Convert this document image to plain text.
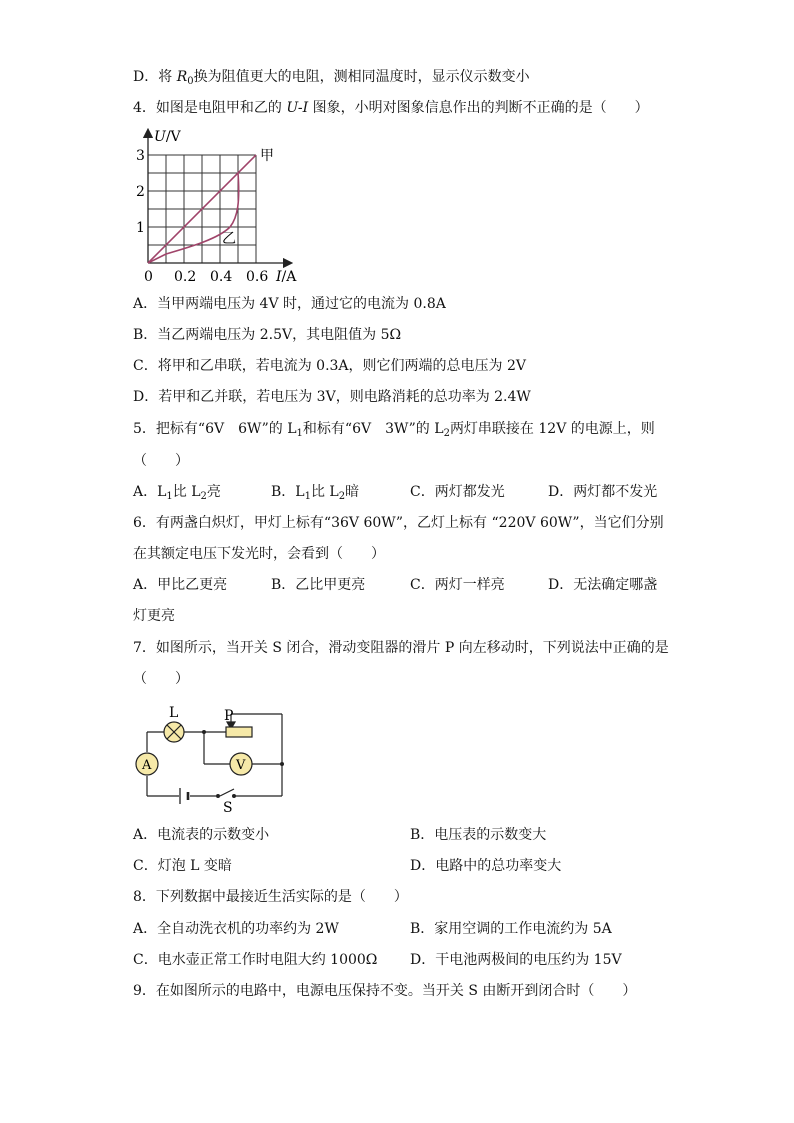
D．将 $R_0$换为阻值更大的电阻，测相同温度时，显示仪示数变小
4．如图是电阻甲和乙的 U-I 图象，小明对图象信息作出的判断不正确的是（　　）
U/V
I/A
1
2
3
0 0.2 0.4 0.6
甲
乙
A．当甲两端电压为 4V 时，通过它的电流为 0.8A
B．当乙两端电压为 2.5V，其电阻值为 5Ω
C．将甲和乙串联，若电流为 0.3A，则它们两端的总电压为 2V
D．若甲和乙并联，若电压为 3V，则电路消耗的总功率为 2.4W
5．把标有“6V　6W”的 $L_1$和标有“6V　3W”的 $L_2$两灯串联接在 12V 的电源上，则
（　　）
A．$L_1$比 $L_2$亮	B．$L_1$比 $L_2$暗	C．两灯都发光	D．两灯都不发光
6．有两盏白炽灯，甲灯上标有“36V 60W”，乙灯上标有 “220V 60W”，当它们分别
在其额定电压下发光时，会看到（　　）
A．甲比乙更亮	B．乙比甲更亮	C．两灯一样亮	D．无法确定哪盏
灯更亮
7．如图所示，当开关 S 闭合，滑动变阻器的滑片 P 向左移动时，下列说法中正确的是
（　　）
L	P
A	V
S
A．电流表的示数变小	B．电压表的示数变大
C．灯泡 L 变暗	D．电路中的总功率变大
8．下列数据中最接近生活实际的是（　　）
A．全自动洗衣机的功率约为 2W	B．家用空调的工作电流约为 5A
C．电水壶正常工作时电阻大约 1000Ω D．干电池两极间的电压约为 15V
9．在如图所示的电路中，电源电压保持不变。当开关 S 由断开到闭合时（　　）
